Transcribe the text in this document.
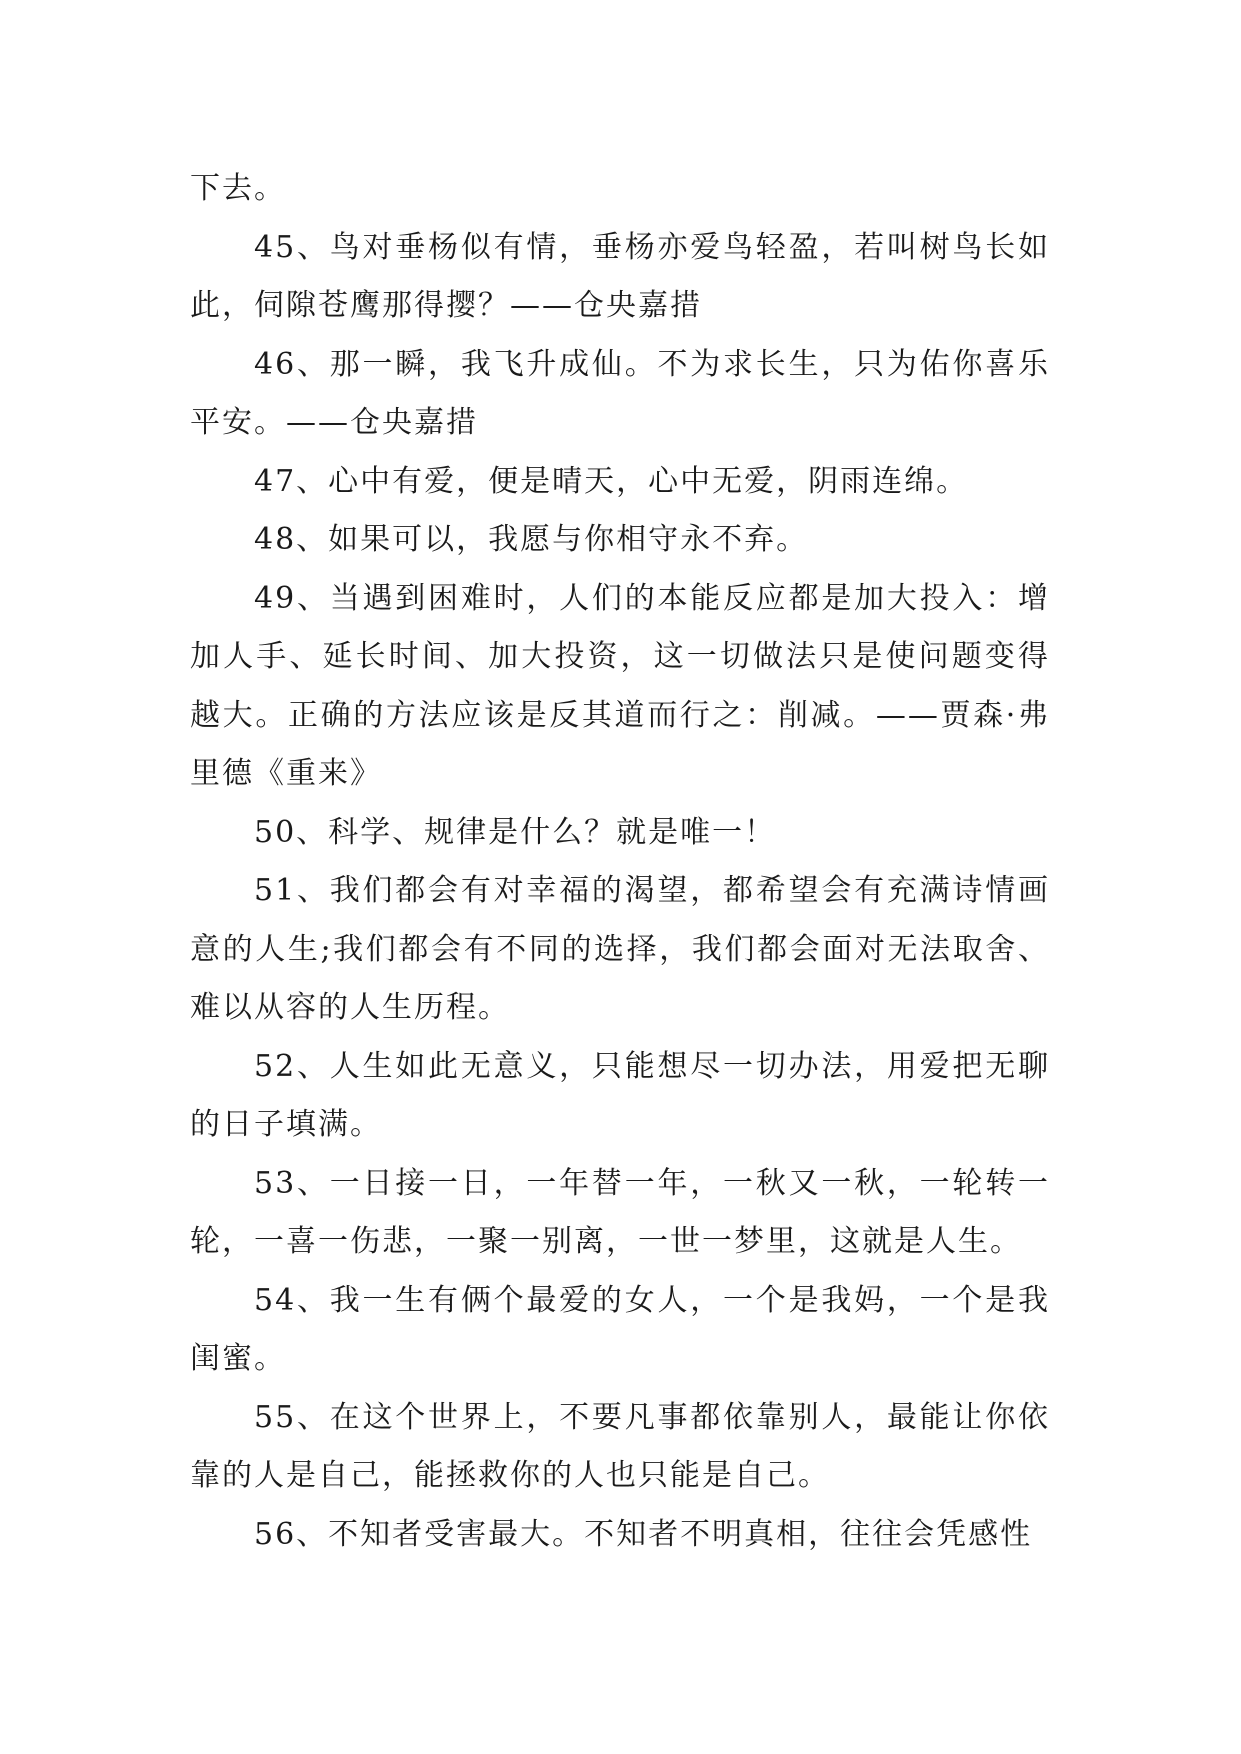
下去。

45、鸟对垂杨似有情，垂杨亦爱鸟轻盈，若叫树鸟长如此，伺隙苍鹰那得撄？——仓央嘉措

46、那一瞬，我飞升成仙。不为求长生，只为佑你喜乐平安。——仓央嘉措

47、心中有爱，便是晴天，心中无爱，阴雨连绵。

48、如果可以，我愿与你相守永不弃。

49、当遇到困难时，人们的本能反应都是加大投入：增加人手、延长时间、加大投资，这一切做法只是使问题变得越大。正确的方法应该是反其道而行之：削减。——贾森·弗里德《重来》

50、科学、规律是什么？就是唯一！

51、我们都会有对幸福的渴望，都希望会有充满诗情画意的人生;我们都会有不同的选择，我们都会面对无法取舍、难以从容的人生历程。

52、人生如此无意义，只能想尽一切办法，用爱把无聊的日子填满。

53、一日接一日，一年替一年，一秋又一秋，一轮转一轮，一喜一伤悲，一聚一别离，一世一梦里，这就是人生。

54、我一生有俩个最爱的女人，一个是我妈，一个是我闺蜜。

55、在这个世界上，不要凡事都依靠别人，最能让你依靠的人是自己，能拯救你的人也只能是自己。

56、不知者受害最大。不知者不明真相，往往会凭感性
